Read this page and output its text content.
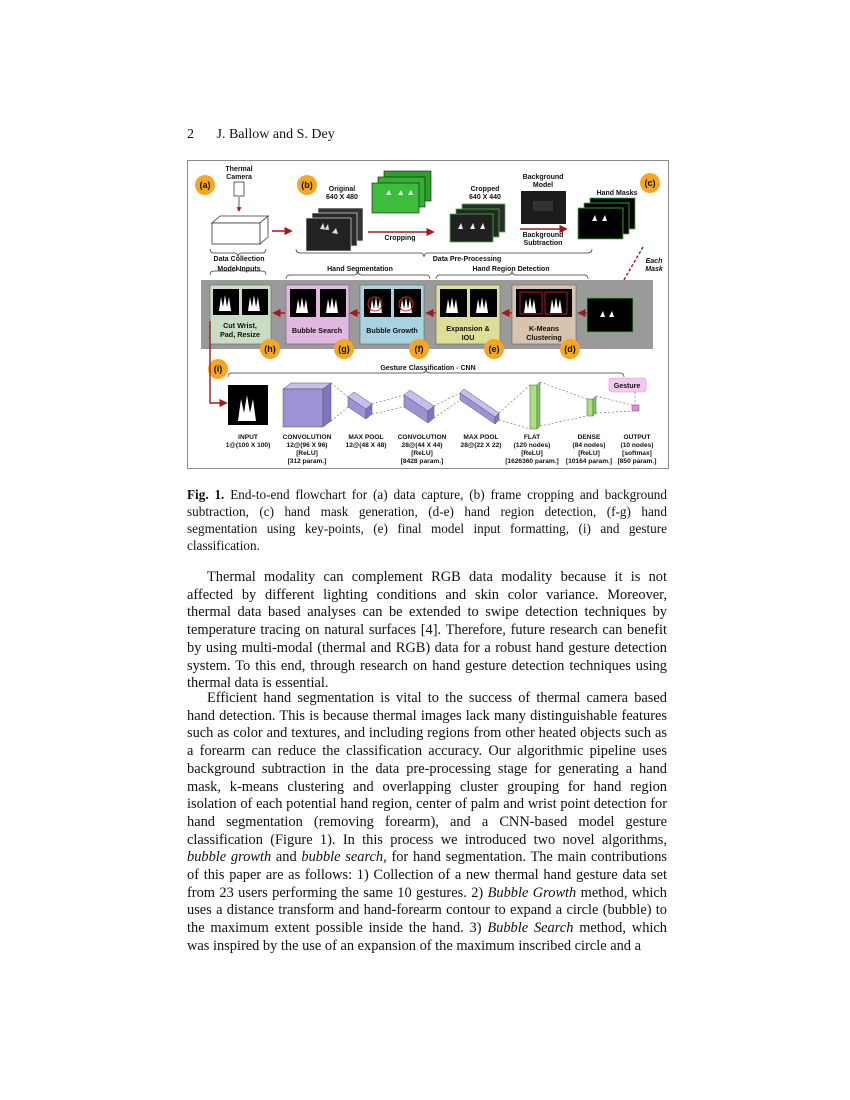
2 J. Ballow and S. Dey
(a)
Thermal
Camera
(b) Original
640 X 480
Cropping
Cropped
640 X 440
Background
Model
Background
Subtraction
Hand Masks
(c)
Data Collection	Data Pre-Processing
Model Inputs	Hand Segmentation	Hand Region Detection
Each
Mask
Cut Wrist,
Pad, Resize	Bubble Search	Bubble Growth	Expansion &
IOU
K-Means
Clustering
(h)	(g)	(f)	(e)	(d)
(i)	Gesture Classification - CNN
Gesture
INPUT
1@(100 X 100)
CONVOLUTION
12@(96 X 96)
[ReLU]
[312 param.]
MAX POOL
12@(48 X 48)
CONVOLUTION
28@(44 X 44)
[ReLU]
[8428 param.]
MAX POOL
28@(22 X 22)
FLAT
(120 nodes)
[ReLU]
[1626360 param.]
DENSE
(84 nodes)
[ReLU]
[10164 param.]
OUTPUT
(10 nodes)
[softmax]
[850 param.]
Fig. 1. End-to-end flowchart for (a) data capture, (b) frame cropping and background subtraction, (c) hand mask generation, (d-e) hand region detection, (f-g) hand segmentation using key-points, (e) final model input formatting, (i) and gesture classification.

Thermal modality can complement RGB data modality because it is not affected by different lighting conditions and skin color variance. Moreover, thermal data based analyses can be extended to swipe detection techniques by temperature tracing on natural surfaces [4]. Therefore, future research can benefit by using multi-modal (thermal and RGB) data for a robust hand gesture detection system. To this end, through research on hand gesture detection techniques using thermal data is essential.

Efficient hand segmentation is vital to the success of thermal camera based hand detection. This is because thermal images lack many distinguishable features such as color and textures, and including regions from other heated objects such as a forearm can reduce the classification accuracy. Our algorithmic pipeline uses background subtraction in the data pre-processing stage for generating a hand mask, k-means clustering and overlapping cluster grouping for hand region isolation of each potential hand region, center of palm and wrist point detection for hand segmentation (removing forearm), and a CNN-based model gesture classification (Figure 1). In this process we introduced two novel algorithms, bubble growth and bubble search, for hand segmentation. The main contributions of this paper are as follows: 1) Collection of a new thermal hand gesture data set from 23 users performing the same 10 gestures. 2) Bubble Growth method, which uses a distance transform and hand-forearm contour to expand a circle (bubble) to the maximum extent possible inside the hand. 3) Bubble Search method, which was inspired by the use of an expansion of the maximum inscribed circle and a
